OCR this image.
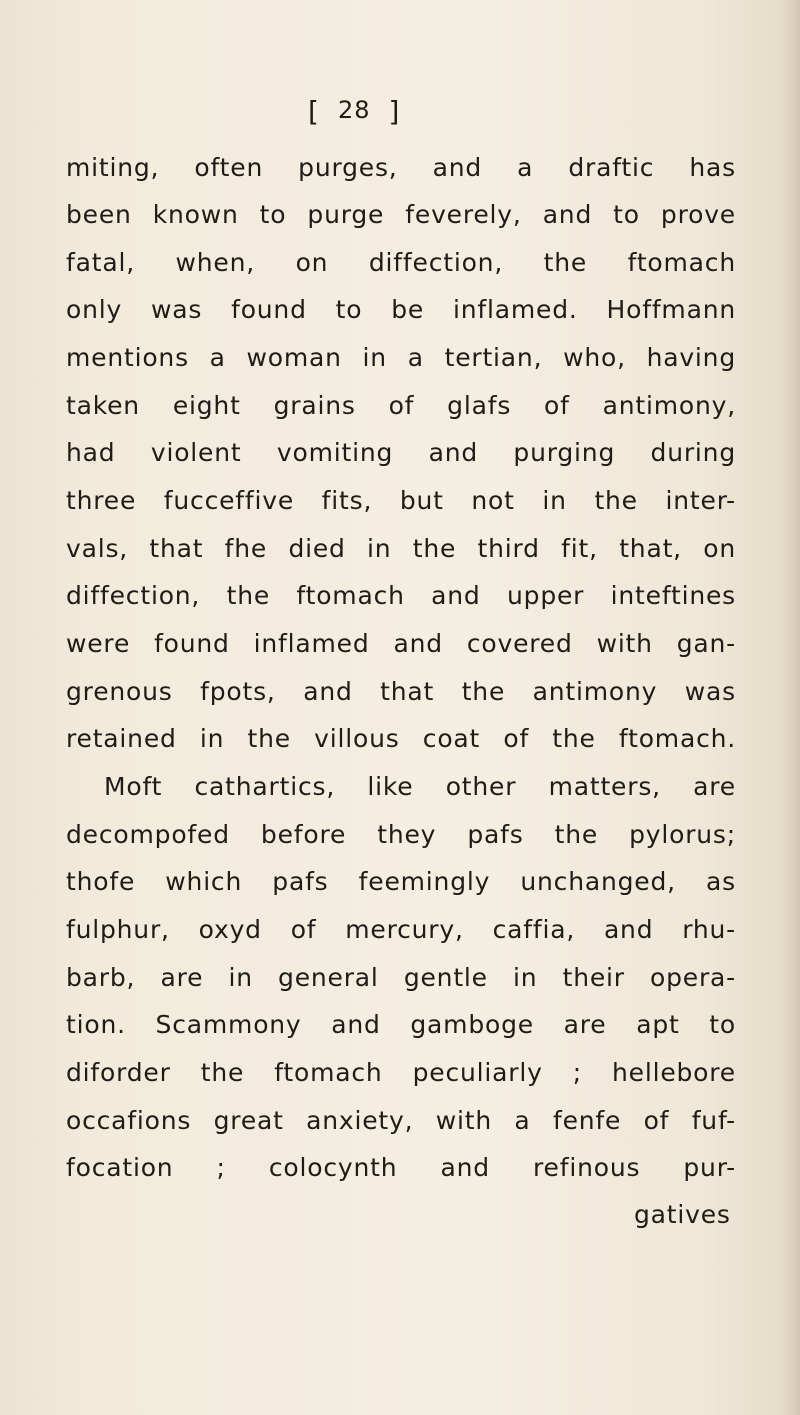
[ 28 ]
miting, often purges, and a draftic has
been known to purge feverely, and to prove
fatal, when, on diffection, the ftomach
only was found to be inflamed. Hoffmann
mentions a woman in a tertian, who, having
taken eight grains of glafs of antimony,
had violent vomiting and purging during
three fucceffive fits, but not in the inter-
vals, that fhe died in the third fit, that, on
diffection, the ftomach and upper inteftines
were found inflamed and covered with gan-
grenous fpots, and that the antimony was
retained in the villous coat of the ftomach.
Moft cathartics, like other matters, are
decompofed before they pafs the pylorus;
thofe which pafs feemingly unchanged, as
fulphur, oxyd of mercury, caffia, and rhu-
barb, are in general gentle in their opera-
tion. Scammony and gamboge are apt to
diforder the ftomach peculiarly ; hellebore
occafions great anxiety, with a fenfe of fuf-
focation ; colocynth and refinous pur-
gatives
